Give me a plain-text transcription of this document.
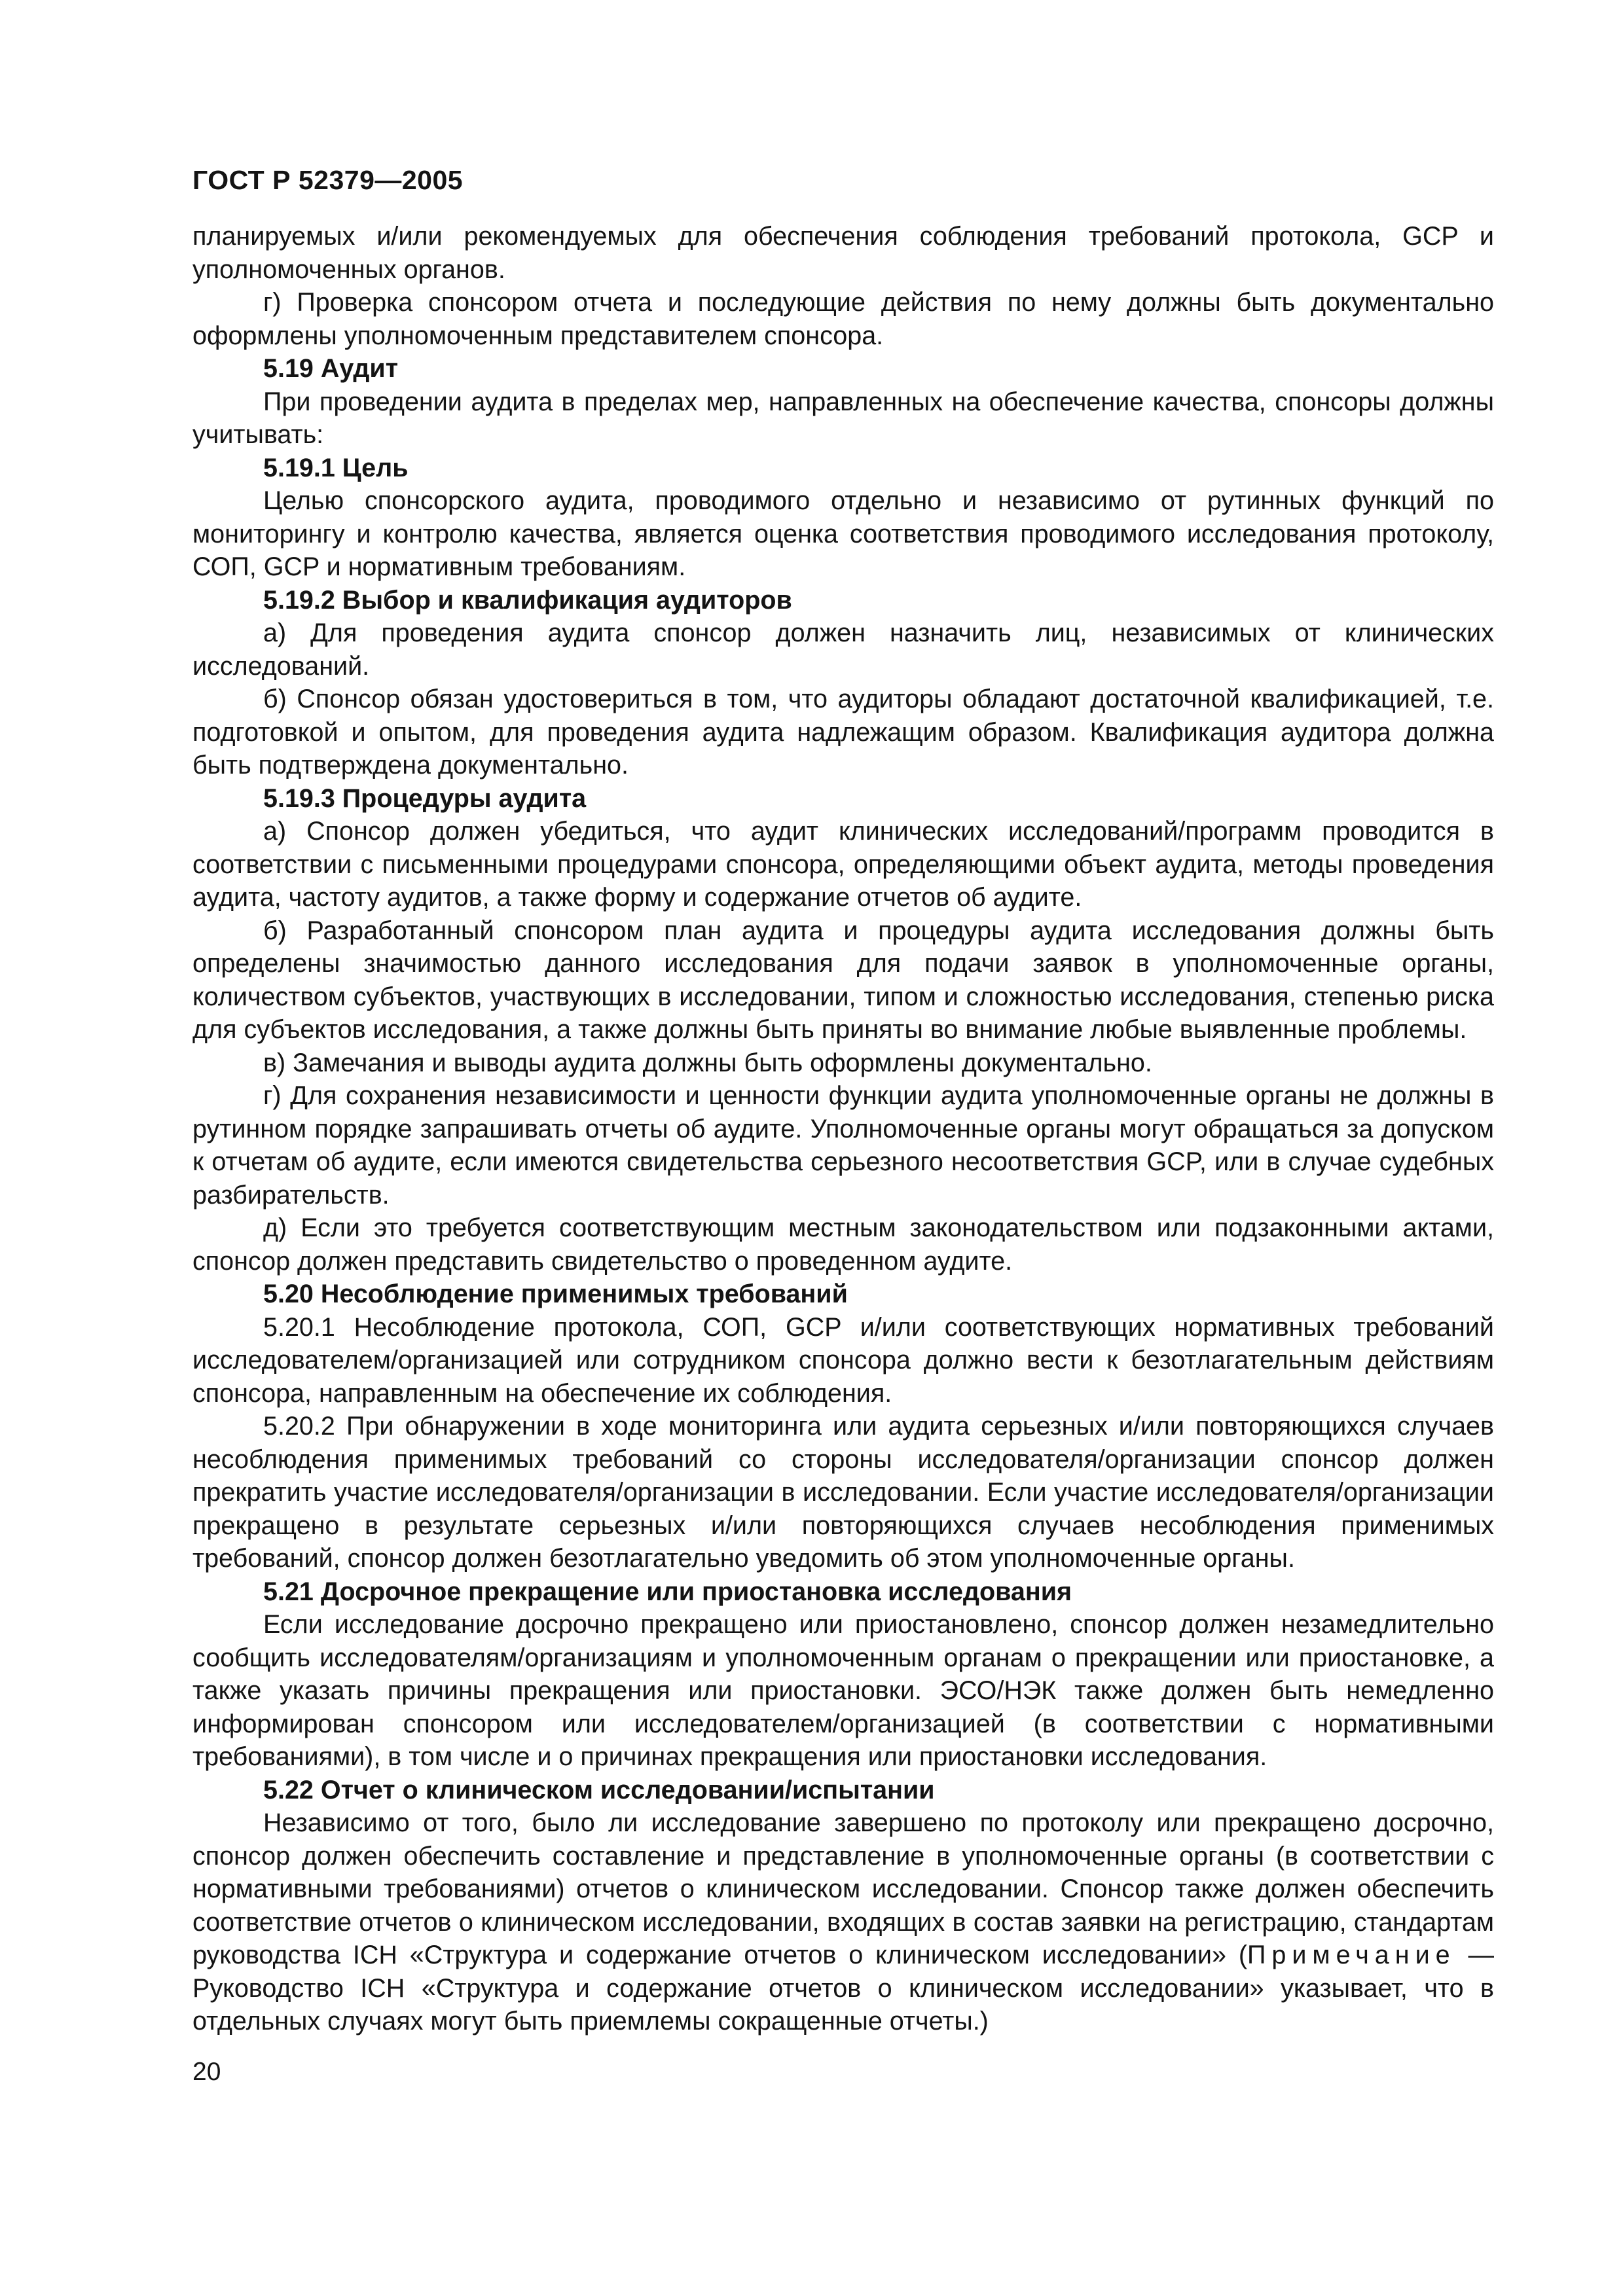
ГОСТ Р 52379—2005

планируемых и/или рекомендуемых для обеспечения соблюдения требований протокола, GCP и уполномоченных органов.

г) Проверка спонсором отчета и последующие действия по нему должны быть документально оформлены уполномоченным представителем спонсора.

5.19 Аудит

При проведении аудита в пределах мер, направленных на обеспечение качества, спонсоры должны учитывать:

5.19.1 Цель

Целью спонсорского аудита, проводимого отдельно и независимо от рутинных функций по мониторингу и контролю качества, является оценка соответствия проводимого исследования протоколу, СОП, GCP и нормативным требованиям.

5.19.2 Выбор и квалификация аудиторов

а) Для проведения аудита спонсор должен назначить лиц, независимых от клинических исследований.

б) Спонсор обязан удостовериться в том, что аудиторы обладают достаточной квалификацией, т.е. подготовкой и опытом, для проведения аудита надлежащим образом. Квалификация аудитора должна быть подтверждена документально.

5.19.3 Процедуры аудита

а) Спонсор должен убедиться, что аудит клинических исследований/программ проводится в соответствии с письменными процедурами спонсора, определяющими объект аудита, методы проведения аудита, частоту аудитов, а также форму и содержание отчетов об аудите.

б) Разработанный спонсором план аудита и процедуры аудита исследования должны быть определены значимостью данного исследования для подачи заявок в уполномоченные органы, количеством субъектов, участвующих в исследовании, типом и сложностью исследования, степенью риска для субъектов исследования, а также должны быть приняты во внимание любые выявленные проблемы.

в) Замечания и выводы аудита должны быть оформлены документально.

г) Для сохранения независимости и ценности функции аудита уполномоченные органы не должны в рутинном порядке запрашивать отчеты об аудите. Уполномоченные органы могут обращаться за допуском к отчетам об аудите, если имеются свидетельства серьезного несоответствия GCP, или в случае судебных разбирательств.

д) Если это требуется соответствующим местным законодательством или подзаконными актами, спонсор должен представить свидетельство о проведенном аудите.

5.20 Несоблюдение применимых требований

5.20.1 Несоблюдение протокола, СОП, GCP и/или соответствующих нормативных требований исследователем/организацией или сотрудником спонсора должно вести к безотлагательным действиям спонсора, направленным на обеспечение их соблюдения.

5.20.2 При обнаружении в ходе мониторинга или аудита серьезных и/или повторяющихся случаев несоблюдения применимых требований со стороны исследователя/организации спонсор должен прекратить участие исследователя/организации в исследовании. Если участие исследователя/организации прекращено в результате серьезных и/или повторяющихся случаев несоблюдения применимых требований, спонсор должен безотлагательно уведомить об этом уполномоченные органы.

5.21 Досрочное прекращение или приостановка исследования

Если исследование досрочно прекращено или приостановлено, спонсор должен незамедлительно сообщить исследователям/организациям и уполномоченным органам о прекращении или приостановке, а также указать причины прекращения или приостановки. ЭСО/НЭК также должен быть немедленно информирован спонсором или исследователем/организацией (в соответствии с нормативными требованиями), в том числе и о причинах прекращения или приостановки исследования.

5.22 Отчет о клиническом исследовании/испытании

Независимо от того, было ли исследование завершено по протоколу или прекращено досрочно, спонсор должен обеспечить составление и представление в уполномоченные органы (в соответствии с нормативными требованиями) отчетов о клиническом исследовании. Спонсор также должен обеспечить соответствие отчетов о клиническом исследовании, входящих в состав заявки на регистрацию, стандартам руководства ICH «Структура и содержание отчетов о клиническом исследовании» (Примечание — Руководство ICH «Структура и содержание отчетов о клиническом исследовании» указывает, что в отдельных случаях могут быть приемлемы сокращенные отчеты.)

20
